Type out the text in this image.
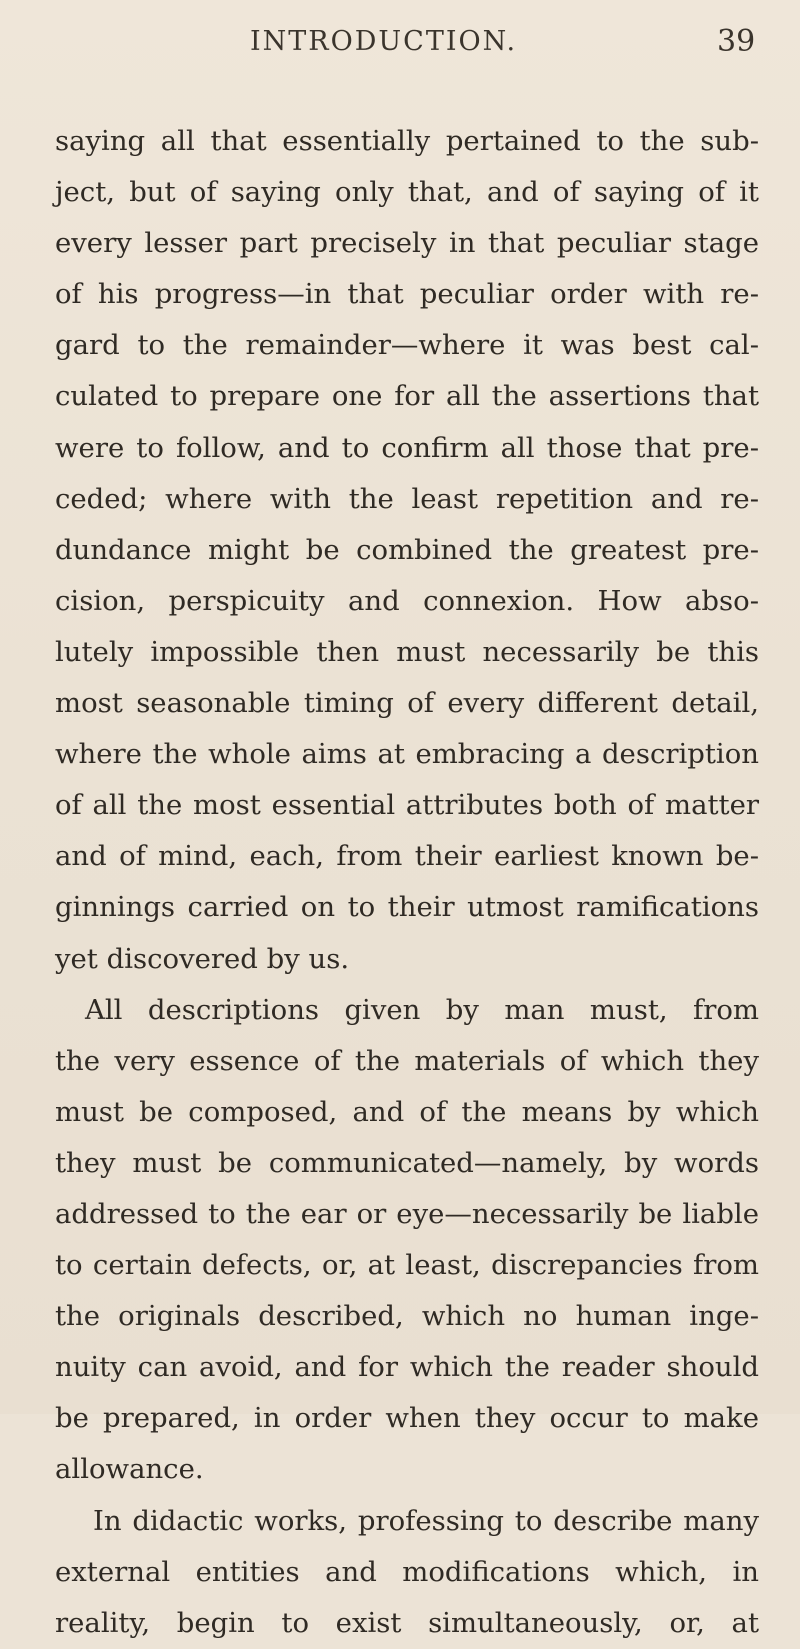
INTRODUCTION.	39
saying all that essentially pertained to the sub-
ject, but of saying only that, and of saying of it
every lesser part precisely in that peculiar stage
of his progress—in that peculiar order with re-
gard to the remainder—where it was best cal-
culated to prepare one for all the assertions that
were to follow, and to confirm all those that pre-
ceded; where with the least repetition and re-
dundance might be combined the greatest pre-
cision, perspicuity and connexion. How abso-
lutely impossible then must necessarily be this
most seasonable timing of every different detail,
where the whole aims at embracing a description
of all the most essential attributes both of matter
and of mind, each, from their earliest known be-
ginnings carried on to their utmost ramifications
yet discovered by us.
All descriptions given by man must, from
the very essence of the materials of which they
must be composed, and of the means by which
they must be communicated—namely, by words
addressed to the ear or eye—necessarily be liable
to certain defects, or, at least, discrepancies from
the originals described, which no human inge-
nuity can avoid, and for which the reader should
be prepared, in order when they occur to make
allowance.
In didactic works, professing to describe many
external entities and modifications which, in
reality, begin to exist simultaneously, or, at
